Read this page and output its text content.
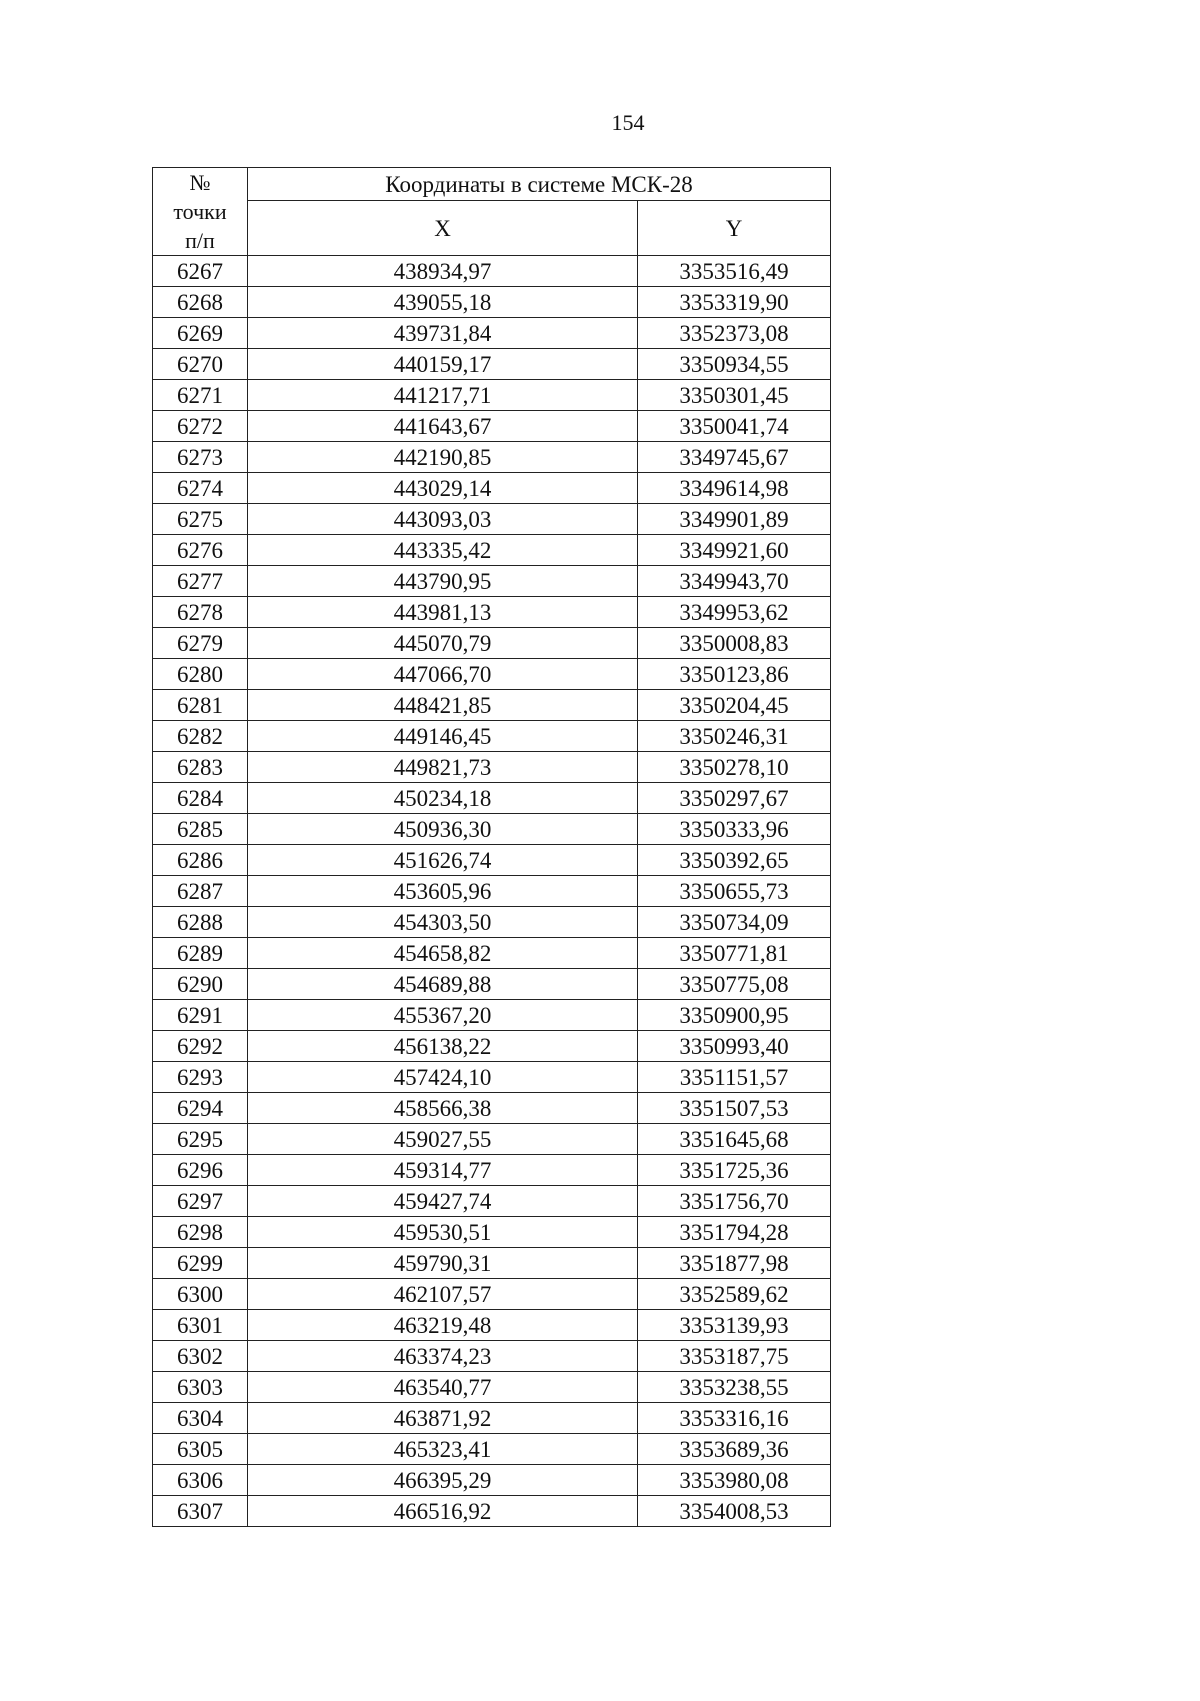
154
№
точки
п/п	Координаты в системе МСК-28	
	X	Y
6267	438934,97	3353516,49
6268	439055,18	3353319,90
6269	439731,84	3352373,08
6270	440159,17	3350934,55
6271	441217,71	3350301,45
6272	441643,67	3350041,74
6273	442190,85	3349745,67
6274	443029,14	3349614,98
6275	443093,03	3349901,89
6276	443335,42	3349921,60
6277	443790,95	3349943,70
6278	443981,13	3349953,62
6279	445070,79	3350008,83
6280	447066,70	3350123,86
6281	448421,85	3350204,45
6282	449146,45	3350246,31
6283	449821,73	3350278,10
6284	450234,18	3350297,67
6285	450936,30	3350333,96
6286	451626,74	3350392,65
6287	453605,96	3350655,73
6288	454303,50	3350734,09
6289	454658,82	3350771,81
6290	454689,88	3350775,08
6291	455367,20	3350900,95
6292	456138,22	3350993,40
6293	457424,10	3351151,57
6294	458566,38	3351507,53
6295	459027,55	3351645,68
6296	459314,77	3351725,36
6297	459427,74	3351756,70
6298	459530,51	3351794,28
6299	459790,31	3351877,98
6300	462107,57	3352589,62
6301	463219,48	3353139,93
6302	463374,23	3353187,75
6303	463540,77	3353238,55
6304	463871,92	3353316,16
6305	465323,41	3353689,36
6306	466395,29	3353980,08
6307	466516,92	3354008,53
